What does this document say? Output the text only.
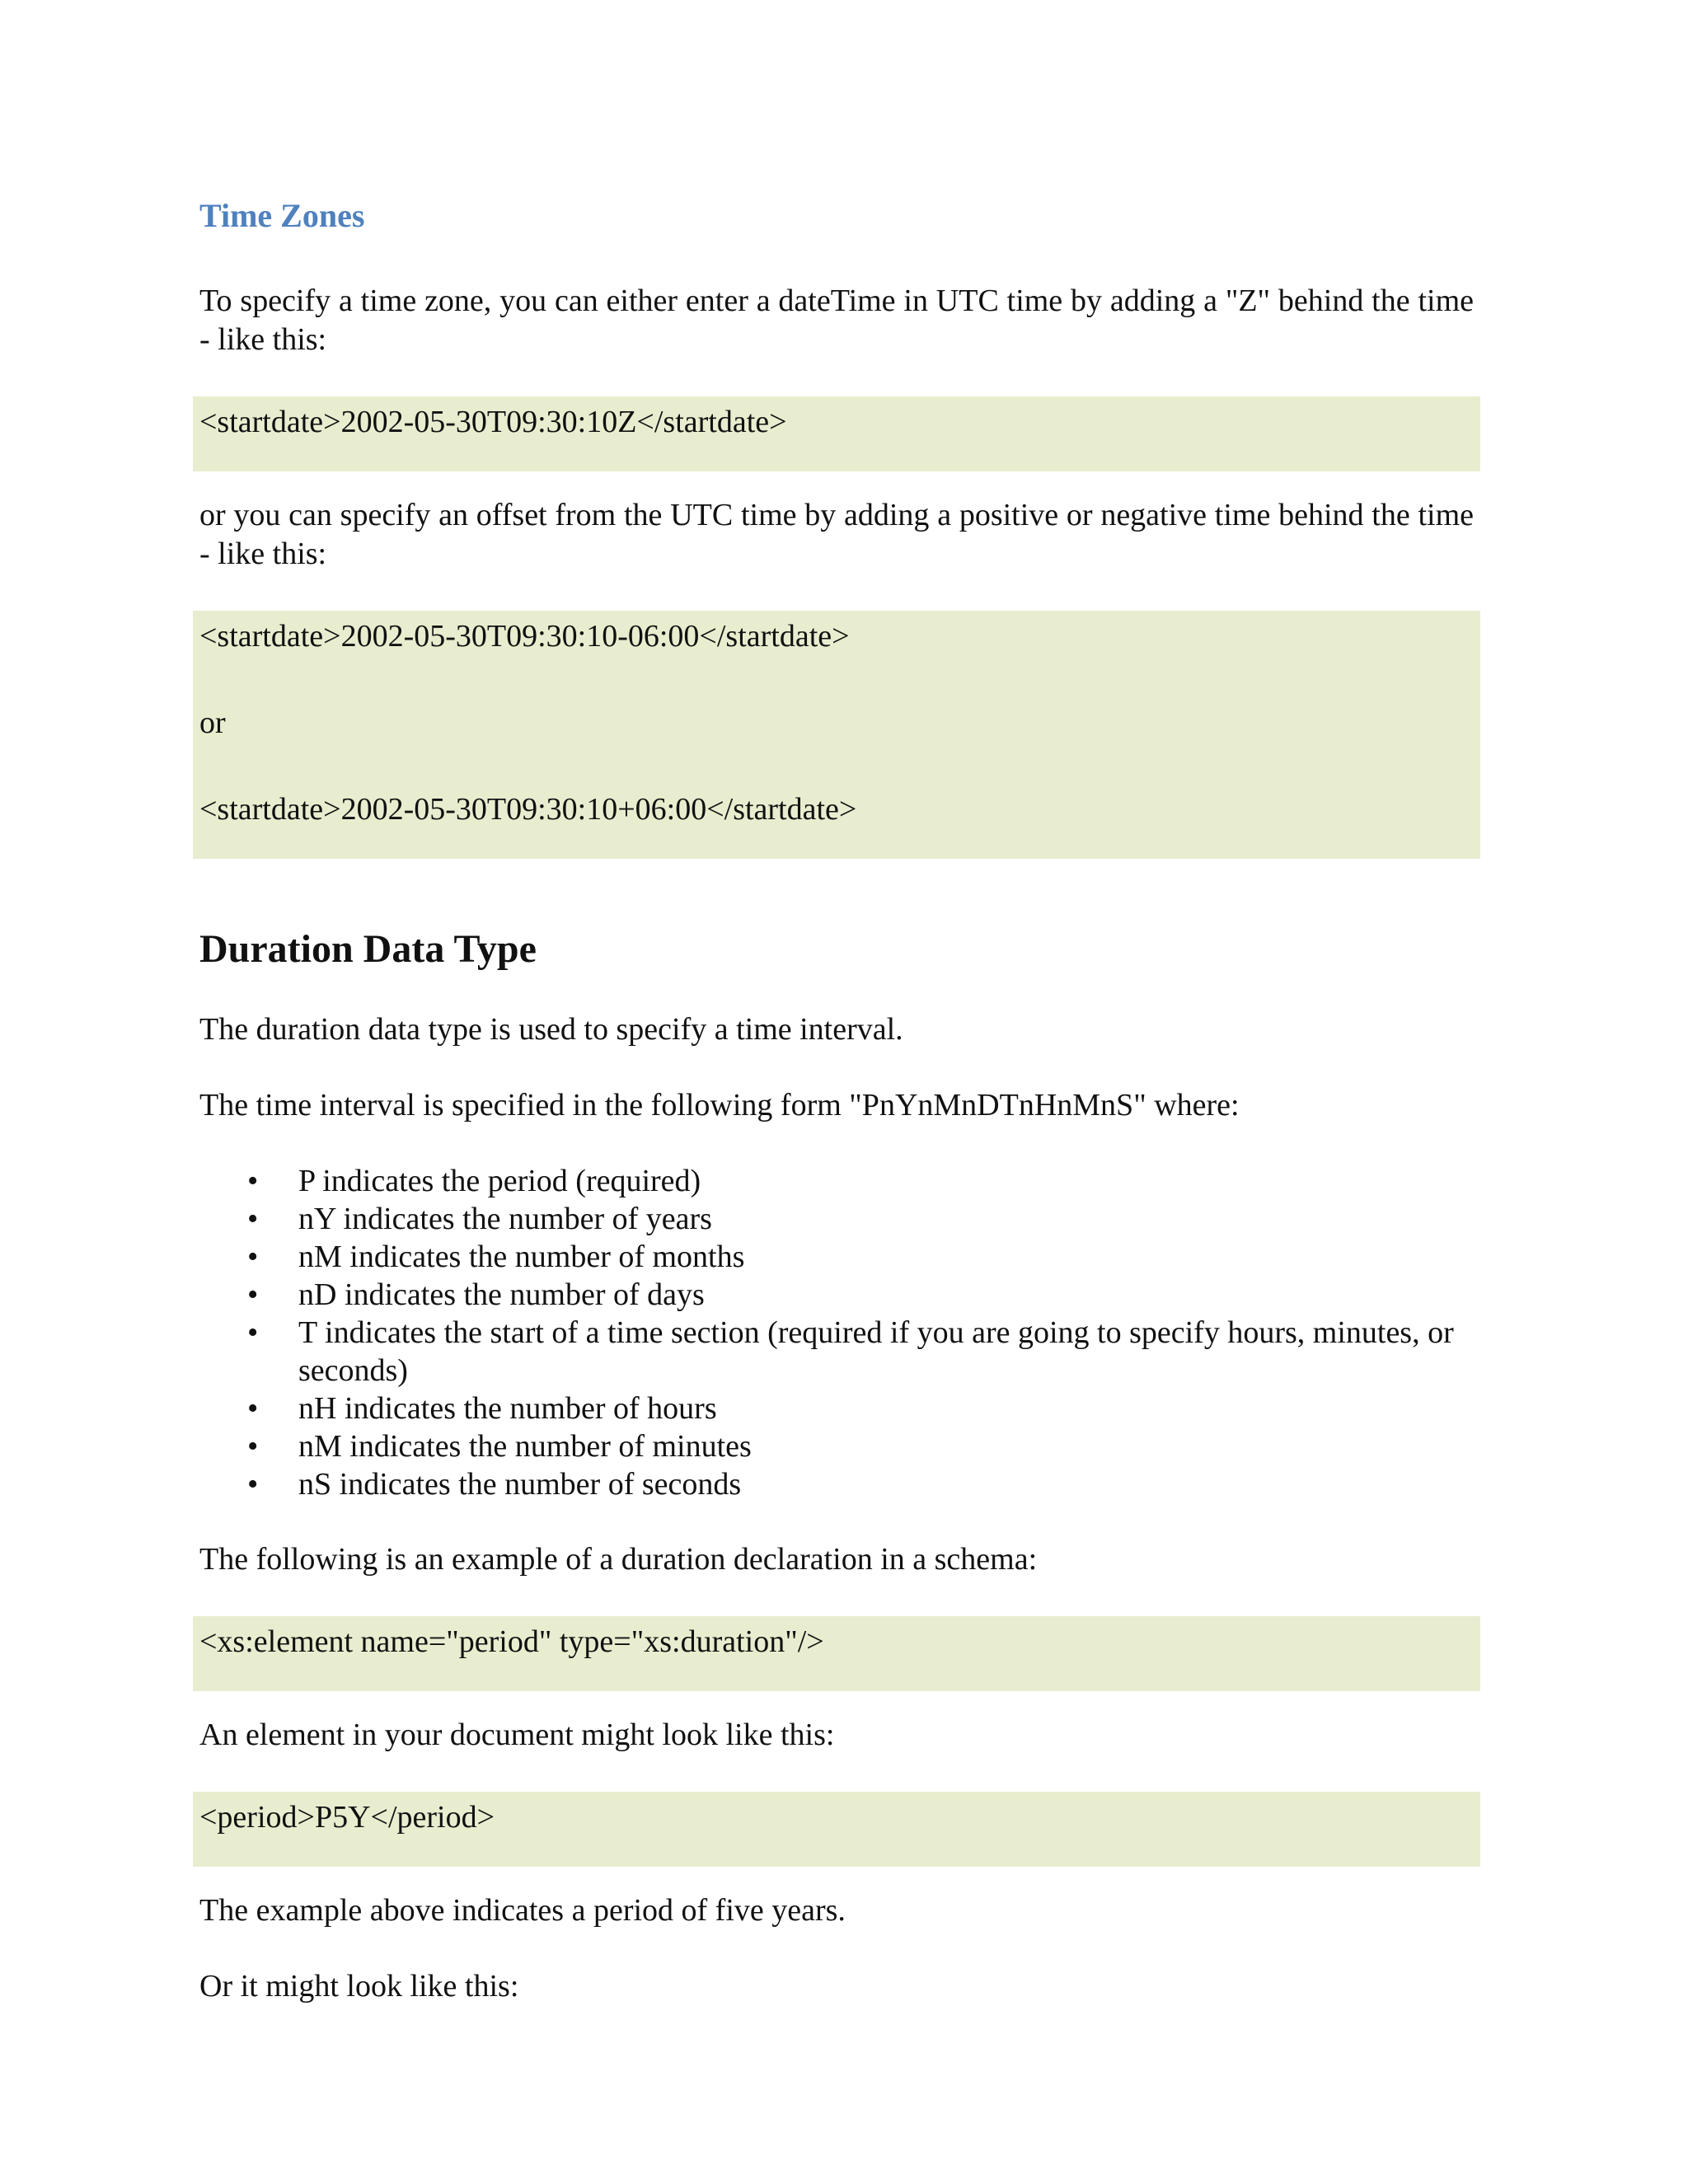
Time Zones

To specify a time zone, you can either enter a dateTime in UTC time by adding a "Z" behind the time - like this:

<startdate>2002-05-30T09:30:10Z</startdate>

or you can specify an offset from the UTC time by adding a positive or negative time behind the time - like this:

<startdate>2002-05-30T09:30:10-06:00</startdate>
or
<startdate>2002-05-30T09:30:10+06:00</startdate>
Duration Data Type

The duration data type is used to specify a time interval.

The time interval is specified in the following form "PnYnMnDTnHnMnS" where:

• P indicates the period (required)
• nY indicates the number of years
• nM indicates the number of months
• nD indicates the number of days
• T indicates the start of a time section (required if you are going to specify hours, minutes, or seconds)
• nH indicates the number of hours
• nM indicates the number of minutes
• nS indicates the number of seconds

The following is an example of a duration declaration in a schema:

<xs:element name="period" type="xs:duration"/>

An element in your document might look like this:

<period>P5Y</period>

The example above indicates a period of five years.

Or it might look like this:
